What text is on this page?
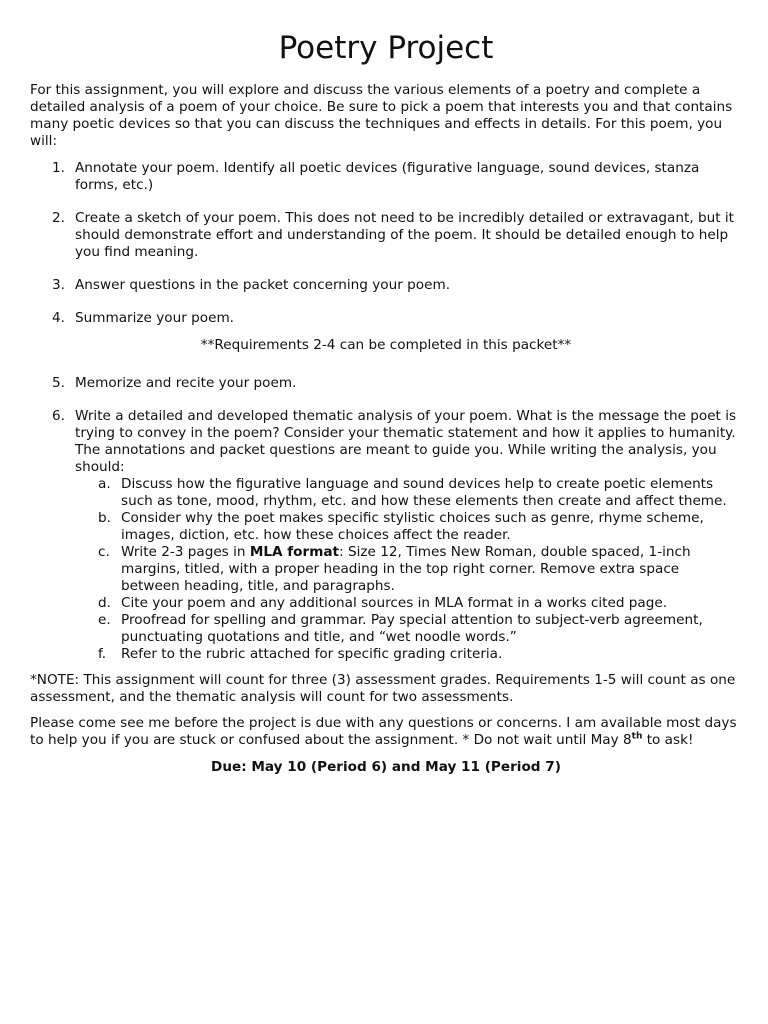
Poetry Project

For this assignment, you will explore and discuss the various elements of a poetry and complete a detailed analysis of a poem of your choice. Be sure to pick a poem that interests you and that contains many poetic devices so that you can discuss the techniques and effects in details. For this poem, you will:

1. Annotate your poem. Identify all poetic devices (figurative language, sound devices, stanza forms, etc.)
2. Create a sketch of your poem. This does not need to be incredibly detailed or extravagant, but it should demonstrate effort and understanding of the poem. It should be detailed enough to help you find meaning.
3. Answer questions in the packet concerning your poem.
4. Summarize your poem.

**Requirements 2-4 can be completed in this packet**

5. Memorize and recite your poem.
6. Write a detailed and developed thematic analysis of your poem. What is the message the poet is trying to convey in the poem? Consider your thematic statement and how it applies to humanity. The annotations and packet questions are meant to guide you. While writing the analysis, you should:
a. Discuss how the figurative language and sound devices help to create poetic elements such as tone, mood, rhythm, etc. and how these elements then create and affect theme.
b. Consider why the poet makes specific stylistic choices such as genre, rhyme scheme, images, diction, etc. how these choices affect the reader.
c. Write 2-3 pages in MLA format: Size 12, Times New Roman, double spaced, 1-inch margins, titled, with a proper heading in the top right corner. Remove extra space between heading, title, and paragraphs.
d. Cite your poem and any additional sources in MLA format in a works cited page.
e. Proofread for spelling and grammar. Pay special attention to subject-verb agreement, punctuating quotations and title, and “wet noodle words.”
f. Refer to the rubric attached for specific grading criteria.

*NOTE: This assignment will count for three (3) assessment grades. Requirements 1-5 will count as one     assessment, and the thematic analysis will count for two assessments.

Please come see me before the project is due with any questions or concerns. I am available most days to help you if you are stuck or confused about the assignment. * Do not wait until May 8th to ask!

Due: May 10 (Period 6) and May 11 (Period 7)
